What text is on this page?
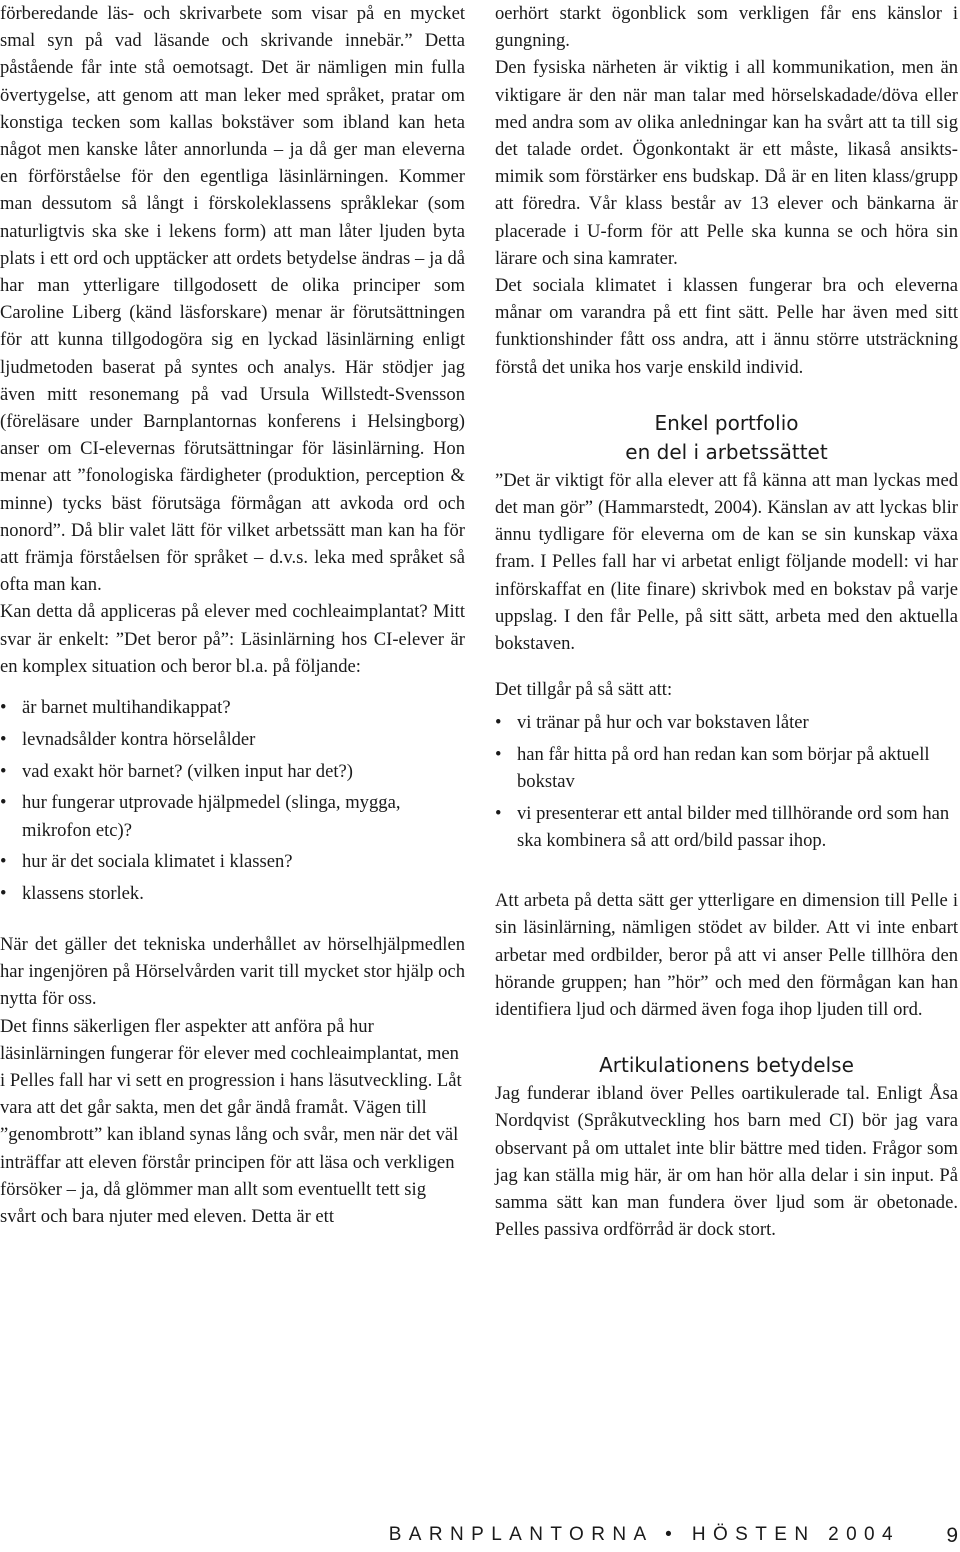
förberedande läs- och skrivarbete som visar på en mycket smal syn på vad läsande och skrivande innebär.” Detta påstående får inte stå oemotsagt. Det är nämligen min fulla övertygelse, att genom att man leker med språket, pratar om konstiga tecken som kallas bokstäver som ibland kan heta något men kanske låter annorlunda – ja då ger man eleverna en förförståelse för den egentliga läsinlärningen. Kommer man dessutom så långt i förskoleklassens språklekar (som naturligtvis ska ske i lekens form) att man låter ljuden byta plats i ett ord och upptäcker att ordets betydelse ändras – ja då har man ytterligare tillgodosett de olika principer som Caroline Liberg (känd läsforskare) menar är förutsättningen för att kunna tillgodogöra sig en lyckad läsinlärning enligt ljudmetoden baserat på syntes och analys. Här stödjer jag även mitt resonemang på vad Ursula Willstedt-Svensson (föreläsare under Barnplantornas konferens i Helsingborg) anser om CI-elevernas förutsättningar för läsinlärning. Hon menar att ”fonologiska färdigheter (produktion, perception & minne) tycks bäst förutsäga förmågan att avkoda ord och nonord”. Då blir valet lätt för vilket arbetssätt man kan ha för att främja förståelsen för språket – d.v.s. leka med språket så ofta man kan.

Kan detta då appliceras på elever med cochleaimplantat? Mitt svar är enkelt: ”Det beror på”: Läsinlärning hos CI-elever är en komplex situation och beror bl.a. på följande:

• är barnet multihandikappat?
• levnadsålder kontra hörselålder
• vad exakt hör barnet? (vilken input har det?)
• hur fungerar utprovade hjälpmedel (slinga, mygga, mikrofon etc)?
• hur är det sociala klimatet i klassen?
• klassens storlek.

När det gäller det tekniska underhållet av hörselhjälpmedlen har ingenjören på Hörselvården varit till mycket stor hjälp och nytta för oss.

Det finns säkerligen fler aspekter att anföra på hur läsinlärningen fungerar för elever med cochleaimplantat, men i Pelles fall har vi sett en progression i hans läsutveckling. Låt vara att det går sakta, men det går ändå framåt. Vägen till ”genombrott” kan ibland synas lång och svår, men när det väl inträffar att eleven förstår principen för att läsa och verkligen försöker – ja, då glömmer man allt som eventuellt tett sig svårt och bara njuter med eleven. Detta är ett

oerhört starkt ögonblick som verkligen får ens känslor i gungning.

Den fysiska närheten är viktig i all kommunikation, men än viktigare är den när man talar med hörselskadade/döva eller med andra som av olika anledningar kan ha svårt att ta till sig det talade ordet. Ögonkontakt är ett måste, likaså ansiktsmimik som förstärker ens budskap. Då är en liten klass/grupp att föredra. Vår klass består av 13 elever och bänkarna är placerade i U-form för att Pelle ska kunna se och höra sin lärare och sina kamrater.

Det sociala klimatet i klassen fungerar bra och eleverna månar om varandra på ett fint sätt. Pelle har även med sitt funktionshinder fått oss andra, att i ännu större utsträckning förstå det unika hos varje enskild individ.

Enkel portfolio
en del i arbetssättet

”Det är viktigt för alla elever att få känna att man lyckas med det man gör” (Hammarstedt, 2004). Känslan av att lyckas blir ännu tydligare för eleverna om de kan se sin kunskap växa fram. I Pelles fall har vi arbetat enligt följande modell: vi har införskaffat en (lite finare) skrivbok med en bokstav på varje uppslag. I den får Pelle, på sitt sätt, arbeta med den aktuella bokstaven.

Det tillgår på så sätt att:

• vi tränar på hur och var bokstaven låter
• han får hitta på ord han redan kan som börjar på aktuell bokstav
• vi presenterar ett antal bilder med tillhörande ord som han ska kombinera så att ord/bild passar ihop.

Att arbeta på detta sätt ger ytterligare en dimension till Pelle i sin läsinlärning, nämligen stödet av bilder. Att vi inte enbart arbetar med ordbilder, beror på att vi anser Pelle tillhöra den hörande gruppen; han ”hör” och med den förmågan kan han identifiera ljud och därmed även foga ihop ljuden till ord.

Artikulationens betydelse

Jag funderar ibland över Pelles oartikulerade tal. Enligt Åsa Nordqvist (Språkutveckling hos barn med CI) bör jag vara observant på om uttalet inte blir bättre med tiden. Frågor som jag kan ställa mig här, är om han hör alla delar i sin input. På samma sätt kan man fundera över ljud som är obetonade. Pelles passiva ordförråd är dock stort.

BARNPLANTORNA • HÖSTEN 2004 9
